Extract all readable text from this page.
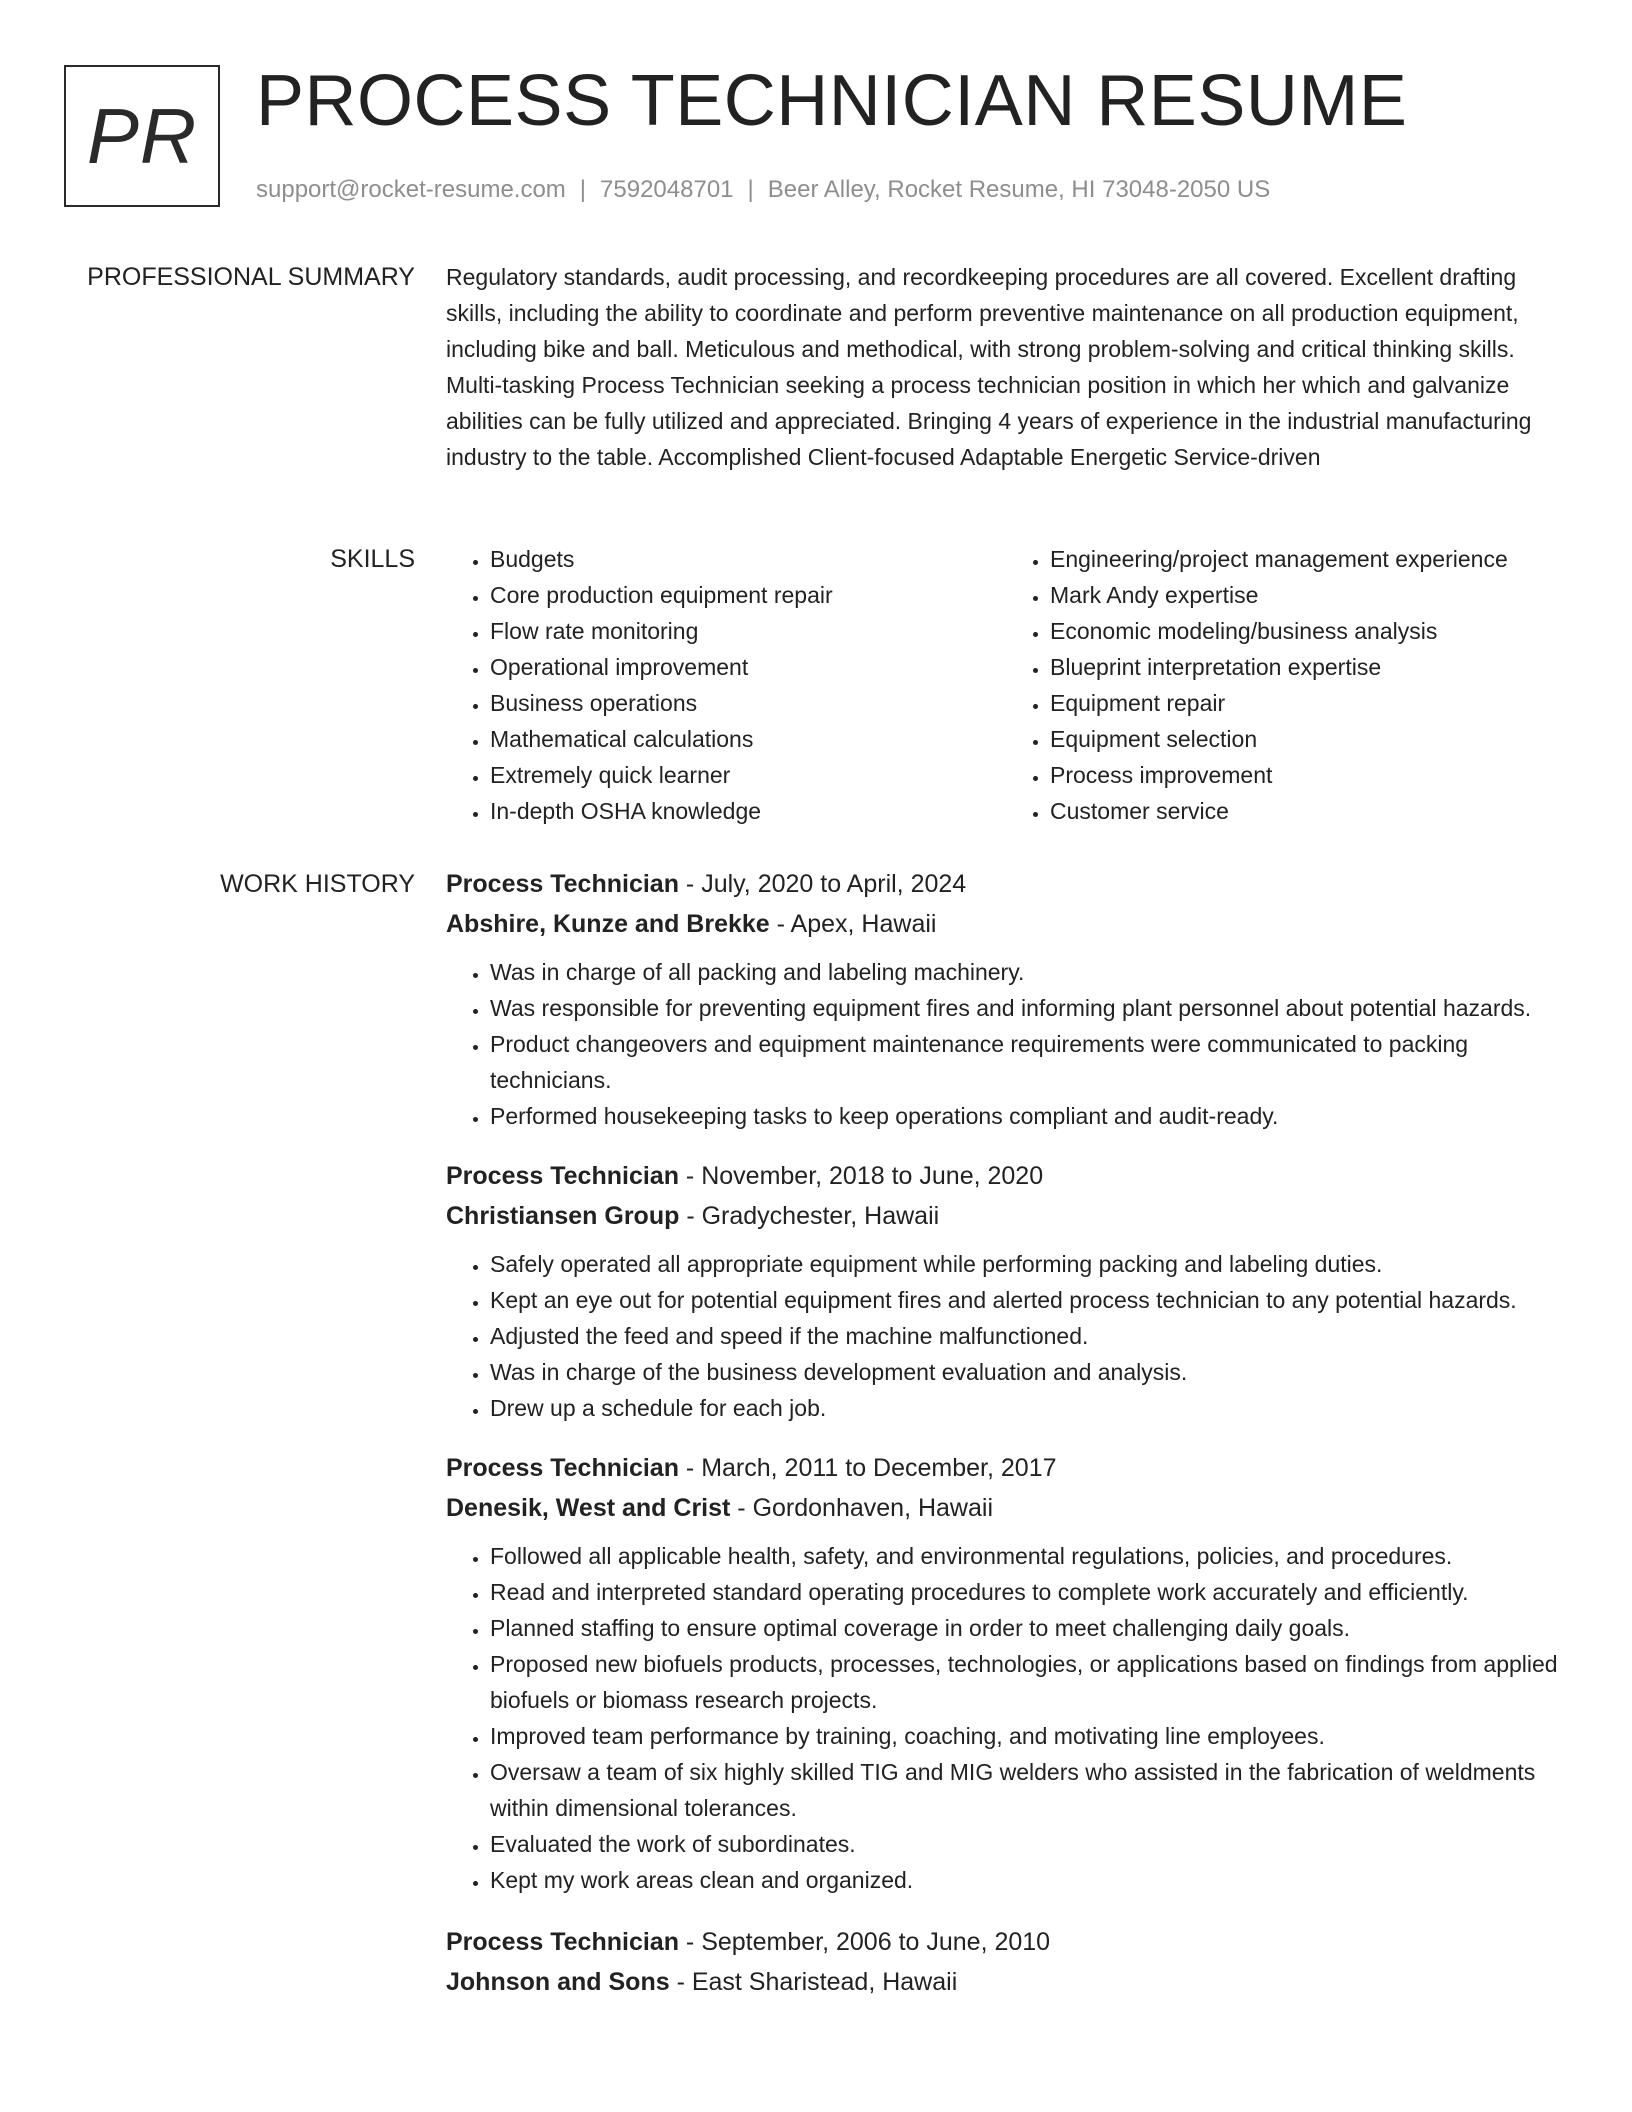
PR PROCESS TECHNICIAN RESUME
support@rocket-resume.com | 7592048701 | Beer Alley, Rocket Resume, HI 73048-2050 US
PROFESSIONAL SUMMARY Regulatory standards, audit processing, and recordkeeping procedures are all covered. Excellent drafting skills, including the ability to coordinate and perform preventive maintenance on all production equipment, including bike and ball. Meticulous and methodical, with strong problem-solving and critical thinking skills. Multi-tasking Process Technician seeking a process technician position in which her which and galvanize abilities can be fully utilized and appreciated. Bringing 4 years of experience in the industrial manufacturing industry to the table. Accomplished Client-focused Adaptable Energetic Service-driven

SKILLS
•	Budgets
• Core production equipment repair
• Flow rate monitoring
• Operational improvement
• Business operations
• Mathematical calculations
• Extremely quick learner
• In-depth OSHA knowledge
• Engineering/project management experience
• Mark Andy expertise
• Economic modeling/business analysis
• Blueprint interpretation expertise
• Equipment repair
• Equipment selection
• Process improvement
• Customer service
WORK HISTORY Process Technician - July, 2020 to April, 2024

Abshire, Kunze and Brekke - Apex, Hawaii

• Was in charge of all packing and labeling machinery.
• Was responsible for preventing equipment fires and informing plant personnel about potential hazards.
• Product changeovers and equipment maintenance requirements were communicated to packing technicians.
• Performed housekeeping tasks to keep operations compliant and audit-ready.

Process Technician - November, 2018 to June, 2020

Christiansen Group - Gradychester, Hawaii

• Safely operated all appropriate equipment while performing packing and labeling duties.
• Kept an eye out for potential equipment fires and alerted process technician to any potential hazards.
• Adjusted the feed and speed if the machine malfunctioned.
• Was in charge of the business development evaluation and analysis.
• Drew up a schedule for each job.

Process Technician - March, 2011 to December, 2017

Denesik, West and Crist - Gordonhaven, Hawaii

• Followed all applicable health, safety, and environmental regulations, policies, and procedures.
• Read and interpreted standard operating procedures to complete work accurately and efficiently.
• Planned staffing to ensure optimal coverage in order to meet challenging daily goals.
• Proposed new biofuels products, processes, technologies, or applications based on findings from applied biofuels or biomass research projects.
• Improved team performance by training, coaching, and motivating line employees.
• Oversaw a team of six highly skilled TIG and MIG welders who assisted in the fabrication of weldments within dimensional tolerances.
• Evaluated the work of subordinates.
• Kept my work areas clean and organized.

Process Technician - September, 2006 to June, 2010

Johnson and Sons - East Sharistead, Hawaii
